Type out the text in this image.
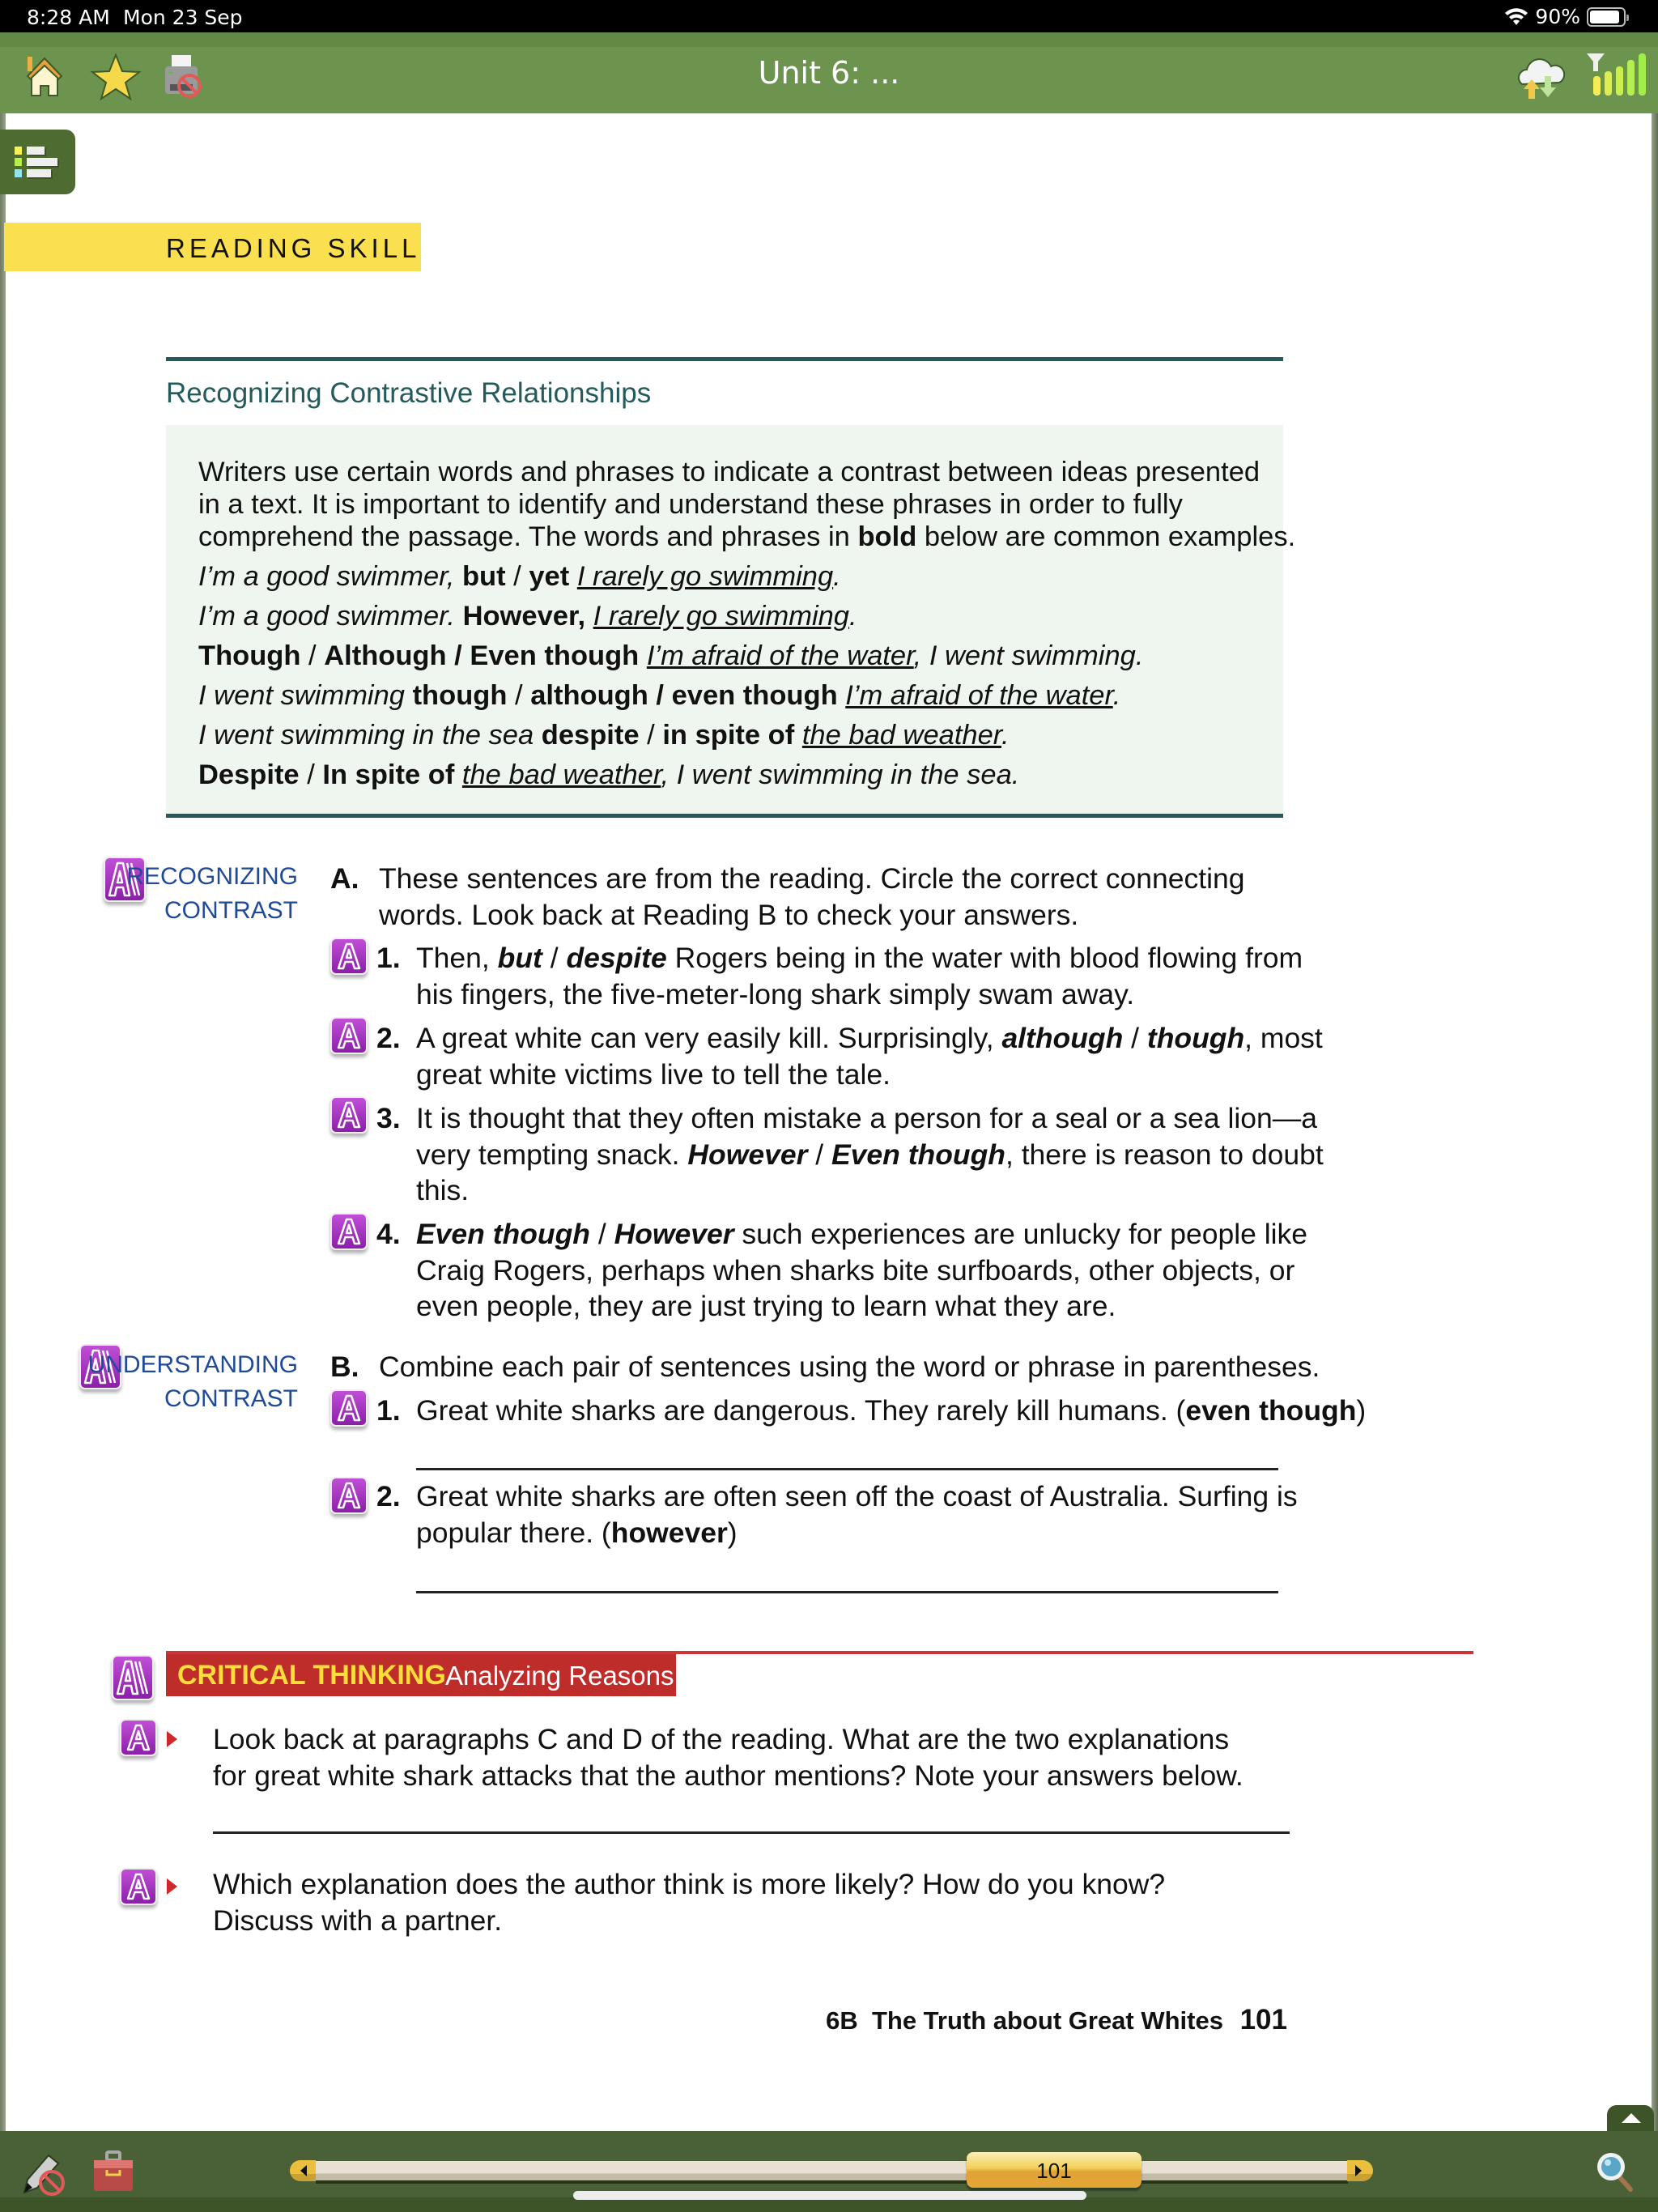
8:28 AM Mon 23 Sep	90%
Unit 6: ...
READING SKILL
Recognizing Contrastive Relationships
Writers use certain words and phrases to indicate a contrast between ideas presented
in a text. It is important to identify and understand these phrases in order to fully
comprehend the passage. The words and phrases in bold below are common examples.
I’m a good swimmer, but / yet I rarely go swimming.
I’m a good swimmer. However, I rarely go swimming.
Though / Although / Even though I’m afraid of the water, I went swimming.
I went swimming though / although / even though I’m afraid of the water.
I went swimming in the sea despite / in spite of the bad weather.
Despite / In spite of the bad weather, I went swimming in the sea.
RECOGNIZING
CONTRAST
A. These sentences are from the reading. Circle the correct connecting
words. Look back at Reading B to check your answers.
1. Then, but / despite Rogers being in the water with blood flowing from
his fingers, the five-meter-long shark simply swam away.
2. A great white can very easily kill. Surprisingly, although / though, most
great white victims live to tell the tale.
3. It is thought that they often mistake a person for a seal or a sea lion—a
very tempting snack. However / Even though, there is reason to doubt
this.
4. Even though / However such experiences are unlucky for people like
Craig Rogers, perhaps when sharks bite surfboards, other objects, or
even people, they are just trying to learn what they are.
UNDERSTANDING
CONTRAST
B. Combine each pair of sentences using the word or phrase in parentheses.
1. Great white sharks are dangerous. They rarely kill humans. (even though)
2. Great white sharks are often seen off the coast of Australia. Surfing is
popular there. (however)
CRITICAL THINKING Analyzing Reasons
Look back at paragraphs C and D of the reading. What are the two explanations
for great white shark attacks that the author mentions? Note your answers below.
Which explanation does the author think is more likely? How do you know?
Discuss with a partner.
6B The Truth about Great Whites 101
101
